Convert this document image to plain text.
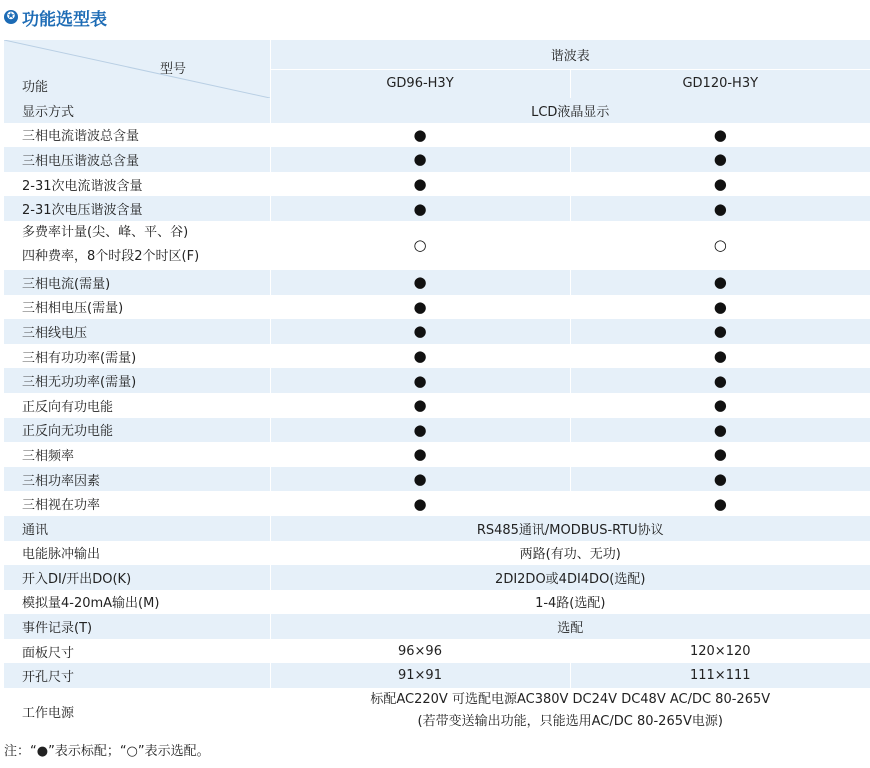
✪ 功能选型表
型号
功能	谐波表	
	GD96-H3Y	GD120-H3Y

显示方式	LCD液晶显示	

三相电流谐波总含量	●	●

三相电压谐波总含量	●	●

2-31次电流谐波含量	●	●

2-31次电压谐波含量	●	●

多费率计量(尖、峰、平、谷)
四种费率，8个时段2个时区(F)	○	○

三相电流(需量)	●	●

三相相电压(需量)	●	●

三相线电压	●	●

三相有功功率(需量)	●	●

三相无功功率(需量)	●	●

正反向有功电能	●	●

正反向无功电能	●	●

三相频率	●	●

三相功率因素	●	●

三相视在功率	●	●

通讯	RS485通讯/MODBUS-RTU协议	

电能脉冲输出	两路(有功、无功)	

开入DI/开出DO(K)	2DI2DO或4DI4DO(选配)	

模拟量4-20mA输出(M)	1-4路(选配)	

事件记录(T)	选配	

面板尺寸	96×96	120×120

开孔尺寸	91×91	111×111

工作电源	标配AC220V 可选配电源AC380V DC24V DC48V AC/DC 80-265V
(若带变送输出功能，只能选用AC/DC 80-265V电源)	
注：“●”表示标配；“○”表示选配。
